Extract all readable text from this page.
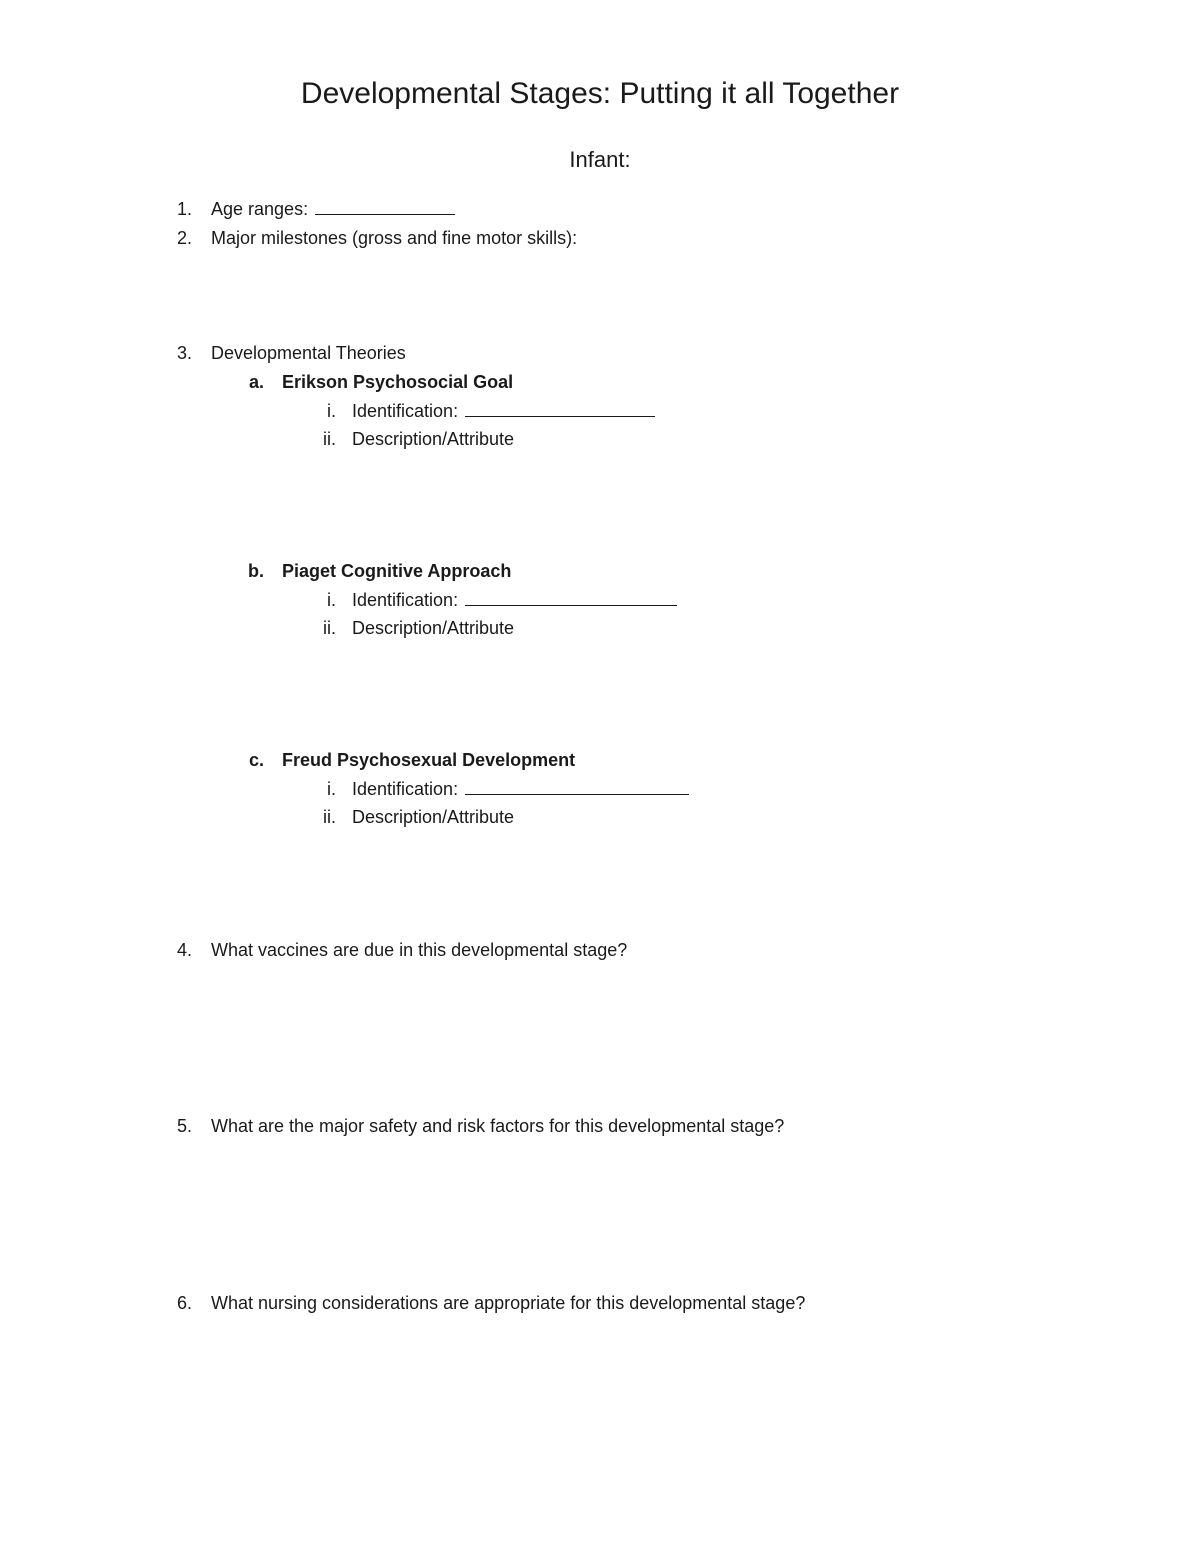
Developmental Stages: Putting it all Together
Infant:
1. Age ranges:
2. Major milestones (gross and fine motor skills):
3. Developmental Theories
a. Erikson Psychosocial Goal
i. Identification:
ii. Description/Attribute
b. Piaget Cognitive Approach
i. Identification:
ii. Description/Attribute
c. Freud Psychosexual Development
i. Identification:
ii. Description/Attribute
4. What vaccines are due in this developmental stage?
5. What are the major safety and risk factors for this developmental stage?
6. What nursing considerations are appropriate for this developmental stage?
